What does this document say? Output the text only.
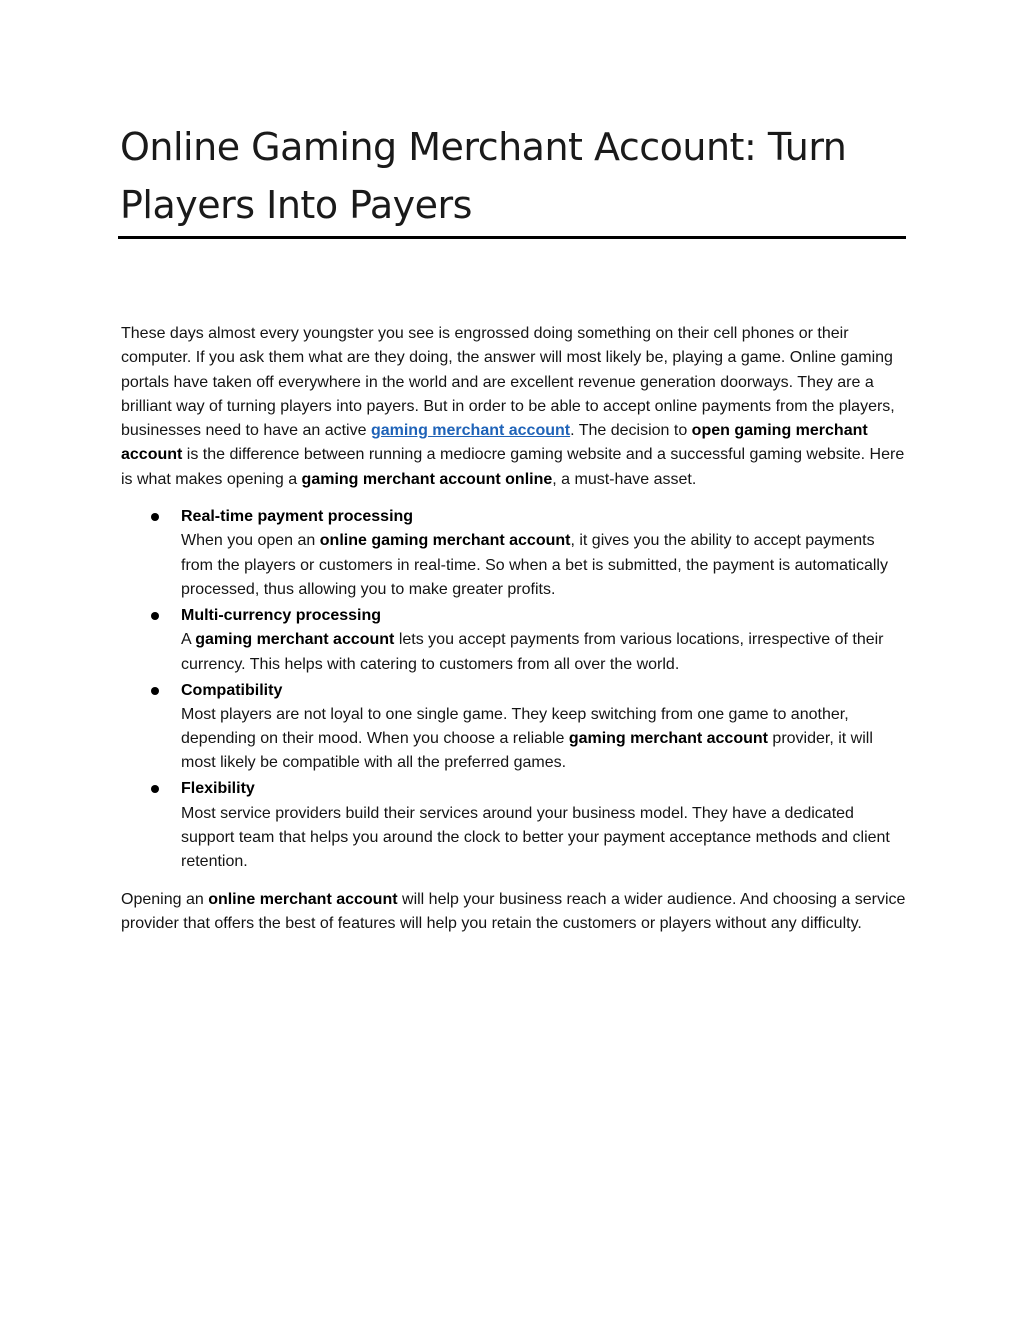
Online Gaming Merchant Account: Turn Players Into Payers

These days almost every youngster you see is engrossed doing something on their cell phones or their computer. If you ask them what are they doing, the answer will most likely be, playing a game. Online gaming portals have taken off everywhere in the world and are excellent revenue generation doorways. They are a brilliant way of turning players into payers. But in order to be able to accept online payments from the players, businesses need to have an active gaming merchant account. The decision to open gaming merchant account is the difference between running a mediocre gaming website and a successful gaming website. Here is what makes opening a gaming merchant account online, a must-have asset.

Real-time payment processing
When you open an online gaming merchant account, it gives you the ability to accept payments from the players or customers in real-time. So when a bet is submitted, the payment is automatically processed, thus allowing you to make greater profits.
Multi-currency processing
A gaming merchant account lets you accept payments from various locations, irrespective of their currency. This helps with catering to customers from all over the world.
Compatibility
Most players are not loyal to one single game. They keep switching from one game to another, depending on their mood. When you choose a reliable gaming merchant account provider, it will most likely be compatible with all the preferred games.
Flexibility
Most service providers build their services around your business model. They have a dedicated support team that helps you around the clock to better your payment acceptance methods and client retention.

Opening an online merchant account will help your business reach a wider audience. And choosing a service provider that offers the best of features will help you retain the customers or players without any difficulty.
